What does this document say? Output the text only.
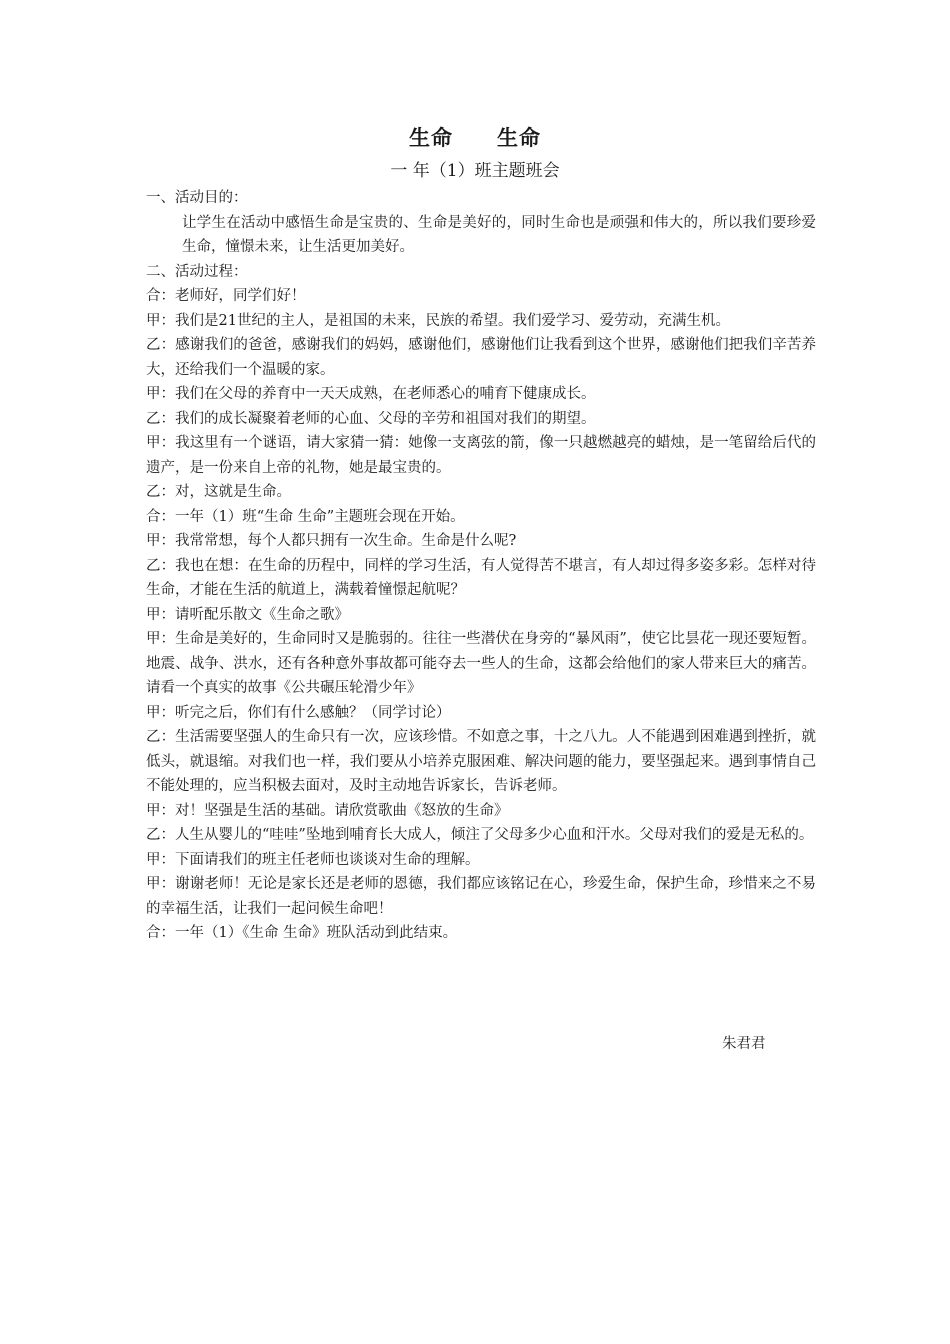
生命　　生命
一 年（1）班主题班会

一、活动目的：

让学生在活动中感悟生命是宝贵的、生命是美好的，同时生命也是顽强和伟大的，所以我们要珍爱生命，憧憬未来，让生活更加美好。

二、活动过程：

合：老师好，同学们好！

甲：我们是21世纪的主人，是祖国的未来，民族的希望。我们爱学习、爱劳动，充满生机。

乙：感谢我们的爸爸，感谢我们的妈妈，感谢他们，感谢他们让我看到这个世界，感谢他们把我们辛苦养大，还给我们一个温暖的家。

甲：我们在父母的养育中一天天成熟，在老师悉心的哺育下健康成长。

乙：我们的成长凝聚着老师的心血、父母的辛劳和祖国对我们的期望。

甲：我这里有一个谜语，请大家猜一猜：她像一支离弦的箭，像一只越燃越亮的蜡烛，是一笔留给后代的遗产，是一份来自上帝的礼物，她是最宝贵的。

乙：对，这就是生命。

合：一年（1）班“生命 生命”主题班会现在开始。

甲：我常常想，每个人都只拥有一次生命。生命是什么呢?

乙：我也在想：在生命的历程中，同样的学习生活，有人觉得苦不堪言，有人却过得多姿多彩。怎样对待生命，才能在生活的航道上，满载着憧憬起航呢？

甲：请听配乐散文《生命之歌》

甲：生命是美好的，生命同时又是脆弱的。往往一些潜伏在身旁的“暴风雨”，使它比昙花一现还要短暂。地震、战争、洪水，还有各种意外事故都可能夺去一些人的生命，这都会给他们的家人带来巨大的痛苦。 请看一个真实的故事《公共碾压轮滑少年》

甲：听完之后，你们有什么感触？（同学讨论）

乙：生活需要坚强人的生命只有一次，应该珍惜。不如意之事，十之八九。人不能遇到困难遇到挫折，就低头，就退缩。对我们也一样，我们要从小培养克服困难、解决问题的能力，要坚强起来。遇到事情自己不能处理的，应当积极去面对，及时主动地告诉家长，告诉老师。

甲：对！坚强是生活的基础。请欣赏歌曲《怒放的生命》

乙：人生从婴儿的“哇哇”坠地到哺育长大成人，倾注了父母多少心血和汗水。父母对我们的爱是无私的。

甲：下面请我们的班主任老师也谈谈对生命的理解。

甲：谢谢老师！无论是家长还是老师的恩德，我们都应该铭记在心，珍爱生命，保护生命，珍惜来之不易的幸福生活，让我们一起问候生命吧！

合：一年（1）《生命 生命》班队活动到此结束。

朱君君
